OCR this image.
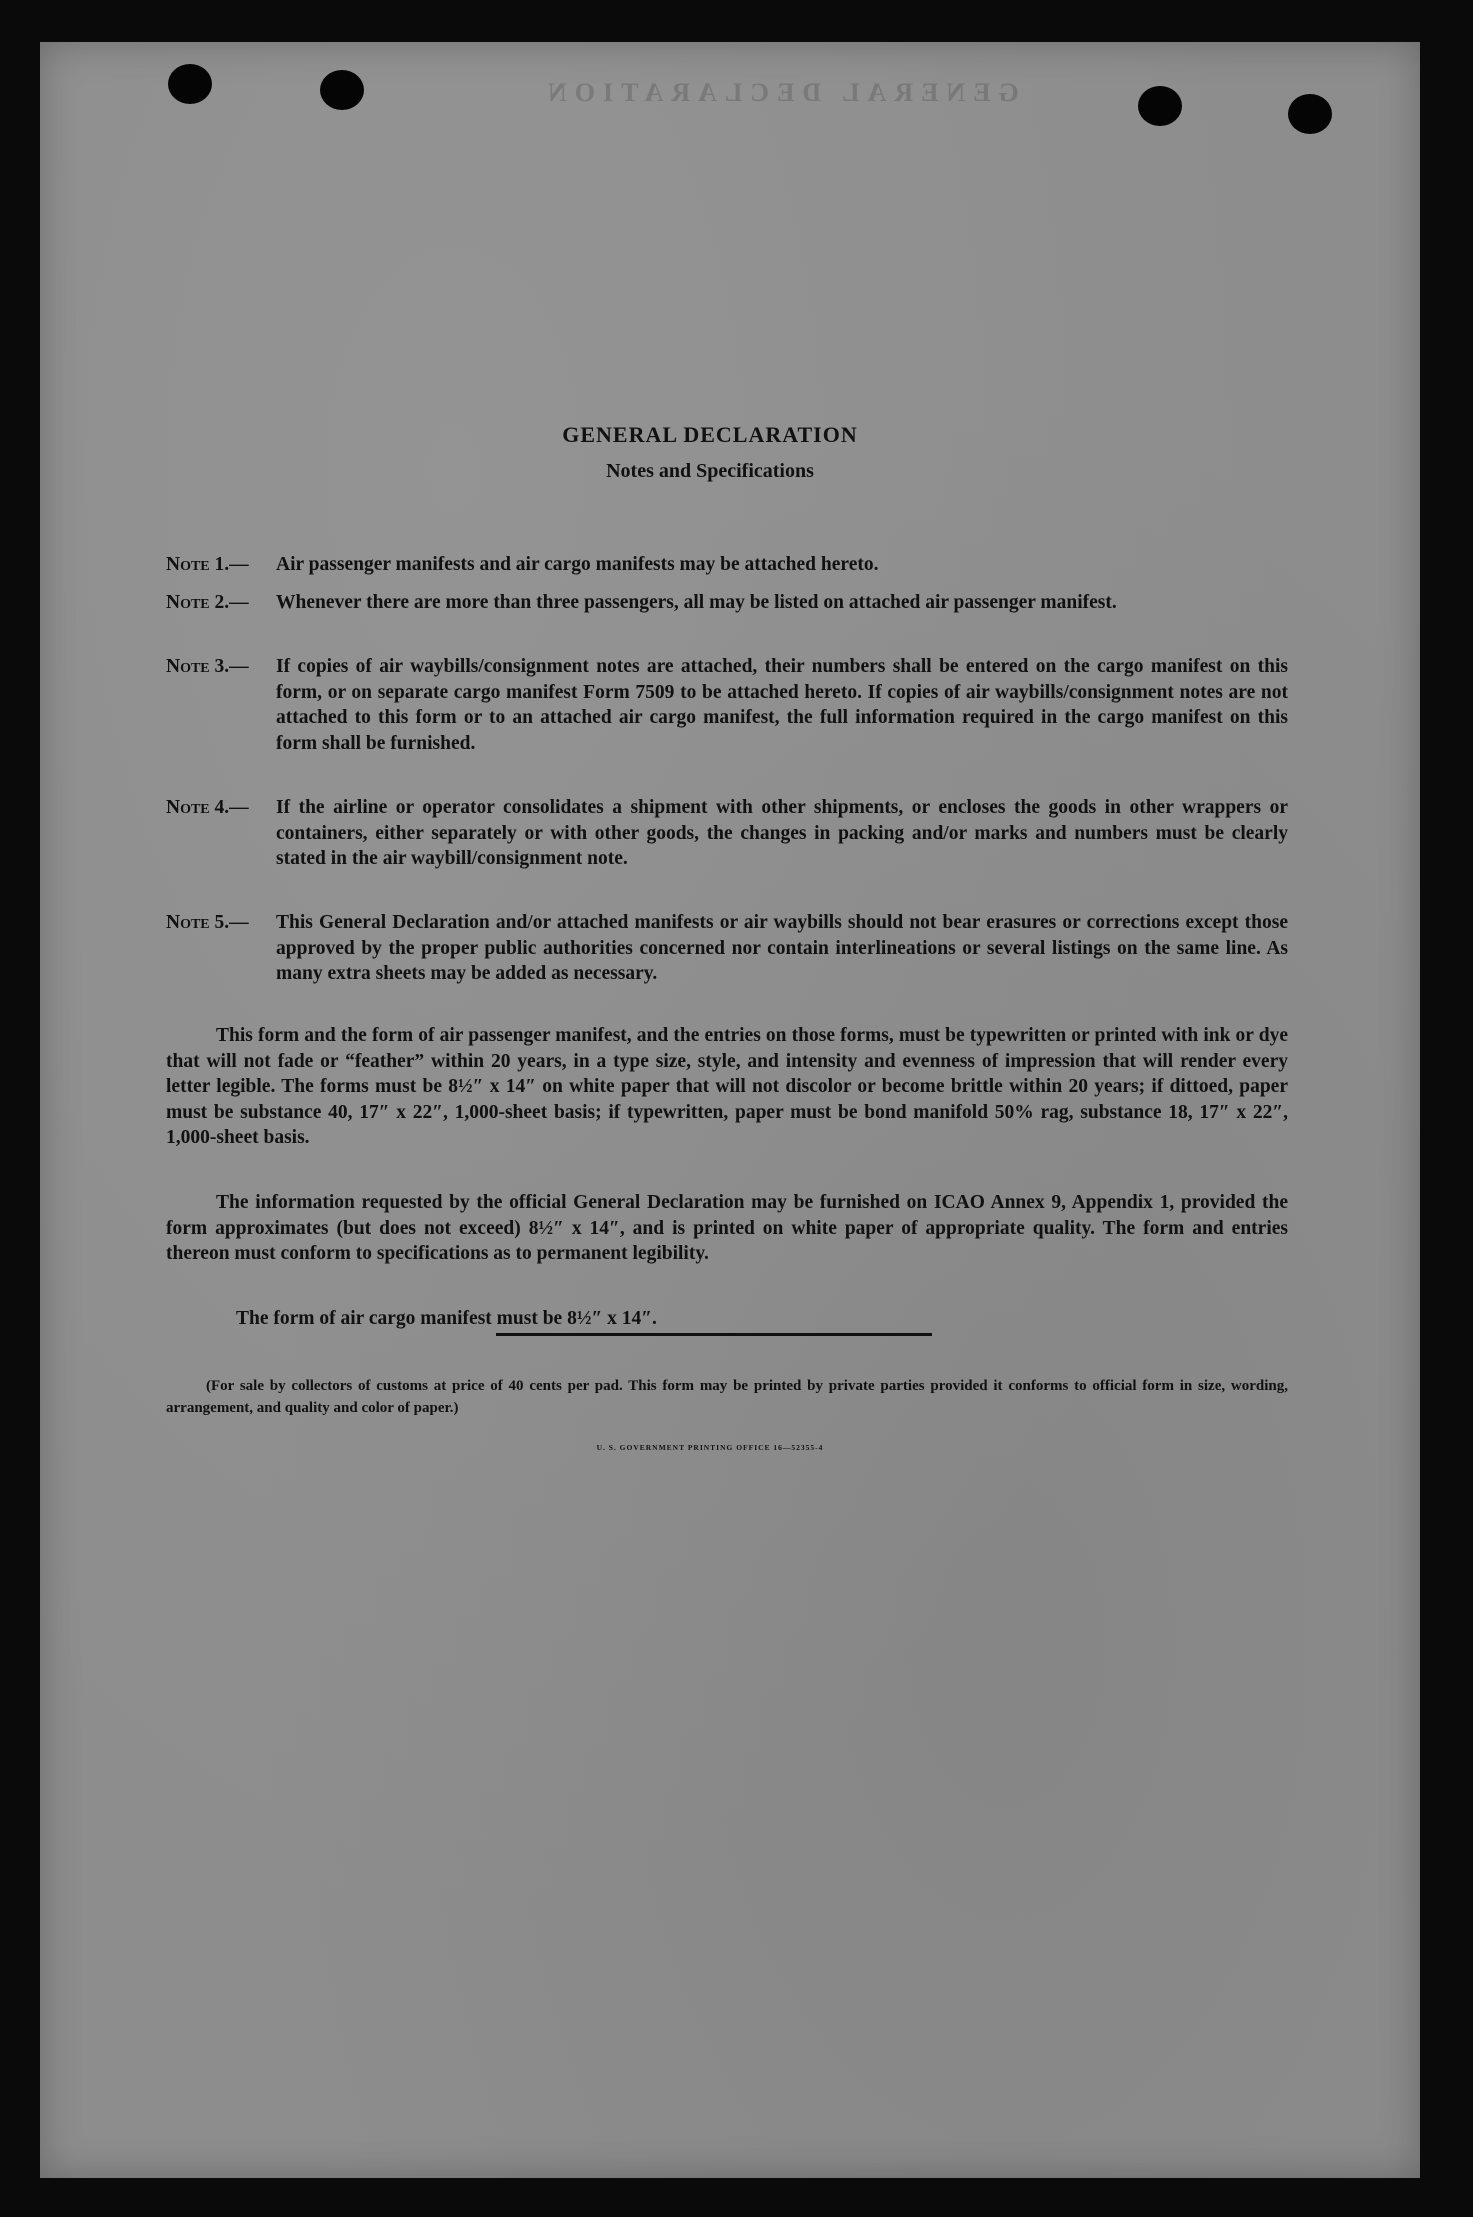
GENERAL DECLARATION
GENERAL DECLARATION
Notes and Specifications
Note 1.—	Air passenger manifests and air cargo manifests may be attached hereto.
Note 2.—	Whenever there are more than three passengers, all may be listed on attached air passenger manifest.
Note 3.—	If copies of air waybills/consignment notes are attached, their numbers shall be entered on the cargo manifest on this form, or on separate cargo manifest Form 7509 to be attached hereto. If copies of air waybills/consignment notes are not attached to this form or to an attached air cargo manifest, the full information required in the cargo manifest on this form shall be furnished.
Note 4.—	If the airline or operator consolidates a shipment with other shipments, or encloses the goods in other wrappers or containers, either separately or with other goods, the changes in packing and/or marks and numbers must be clearly stated in the air waybill/consignment note.
Note 5.—	This General Declaration and/or attached manifests or air waybills should not bear erasures or corrections except those approved by the proper public authorities concerned nor contain interlineations or several listings on the same line. As many extra sheets may be added as necessary.
This form and the form of air passenger manifest, and the entries on those forms, must be typewritten or printed with ink or dye that will not fade or “feather” within 20 years, in a type size, style, and intensity and evenness of impression that will render every letter legible. The forms must be 8½″ x 14″ on white paper that will not discolor or become brittle within 20 years; if dittoed, paper must be substance 40, 17″ x 22″, 1,000-sheet basis; if typewritten, paper must be bond manifold 50% rag, substance 18, 17″ x 22″, 1,000-sheet basis.
The information requested by the official General Declaration may be furnished on ICAO Annex 9, Appendix 1, provided the form approximates (but does not exceed) 8½″ x 14″, and is printed on white paper of appropriate quality. The form and entries thereon must conform to specifications as to permanent legibility.
The form of air cargo manifest must be 8½″ x 14″.
(For sale by collectors of customs at price of 40 cents per pad. This form may be printed by private parties provided it conforms to official form in size, wording, arrangement, and quality and color of paper.)
U. S. GOVERNMENT PRINTING OFFICE 16—52355-4
